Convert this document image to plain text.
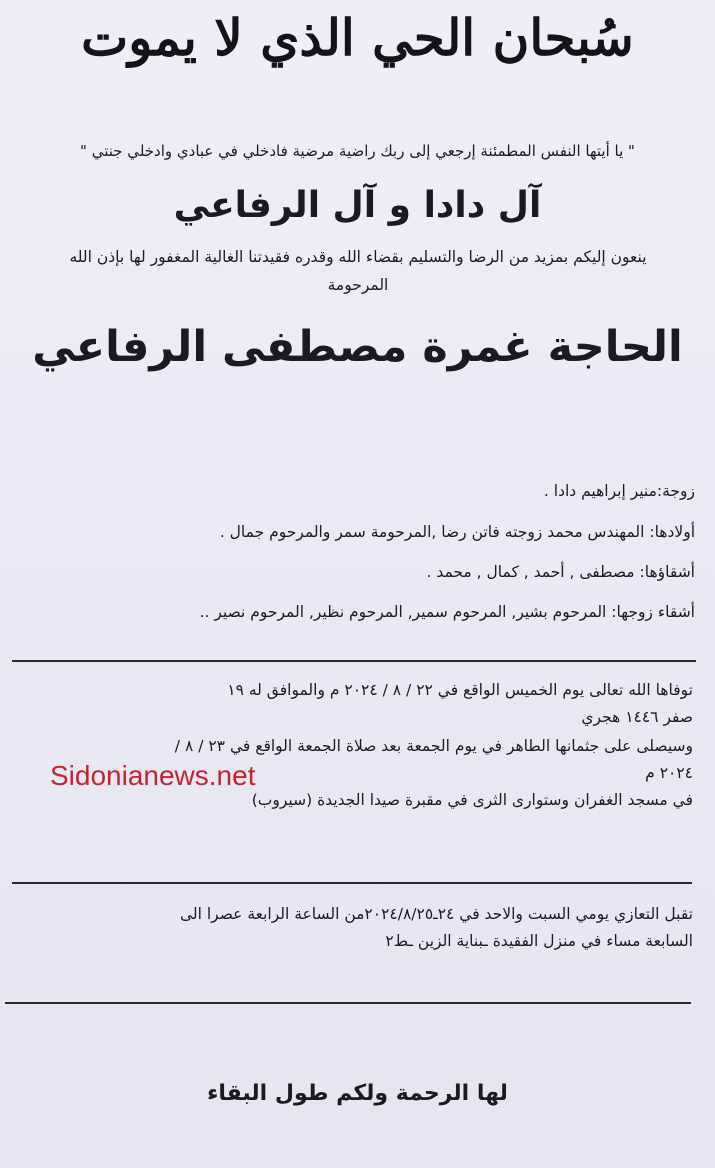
سُبحان الحي الذي لا يموت
" يا أيتها النفس المطمئنة إرجعي إلى ربك راضية مرضية فادخلي في عبادي وادخلي جنتي "
آل دادا و آل الرفاعي
ينعون إليكم بمزيد من الرضا والتسليم بقضاء الله وقدره فقيدتنا الغالية المغفور لها بإذن الله
المرحومة
الحاجة غمرة مصطفى الرفاعي
زوجة:منير إبراهيم دادا .
أولادها: المهندس محمد زوجته فاتن رضا ,المرحومة سمر والمرحوم جمال .
أشقاؤها: مصطفى , أحمد , كمال , محمد .
أشقاء زوجها: المرحوم بشير, المرحوم سمير, المرحوم نظير, المرحوم نصير ..
توفاها الله تعالى يوم الخميس الواقع في ٢٢ / ٨ / ٢٠٢٤ م والموافق له ١٩
صفر ١٤٤٦ هجري
وسيصلى على جثمانها الطاهر في يوم الجمعة بعد صلاة الجمعة الواقع في ٢٣ / ٨ /
٢٠٢٤ م
في مسجد الغفران وستوارى الثرى في مقبرة صيدا الجديدة (سيروب)
Sidonianews.net
تقبل التعازي يومي السبت والاحد في ٢٤ـ٢٠٢٤/٨/٢٥من الساعة الرابعة عصرا الى
السابعة مساء في منزل الفقيدة ـبناية الزين ـط٢
لها الرحمة ولكم طول البقاء
